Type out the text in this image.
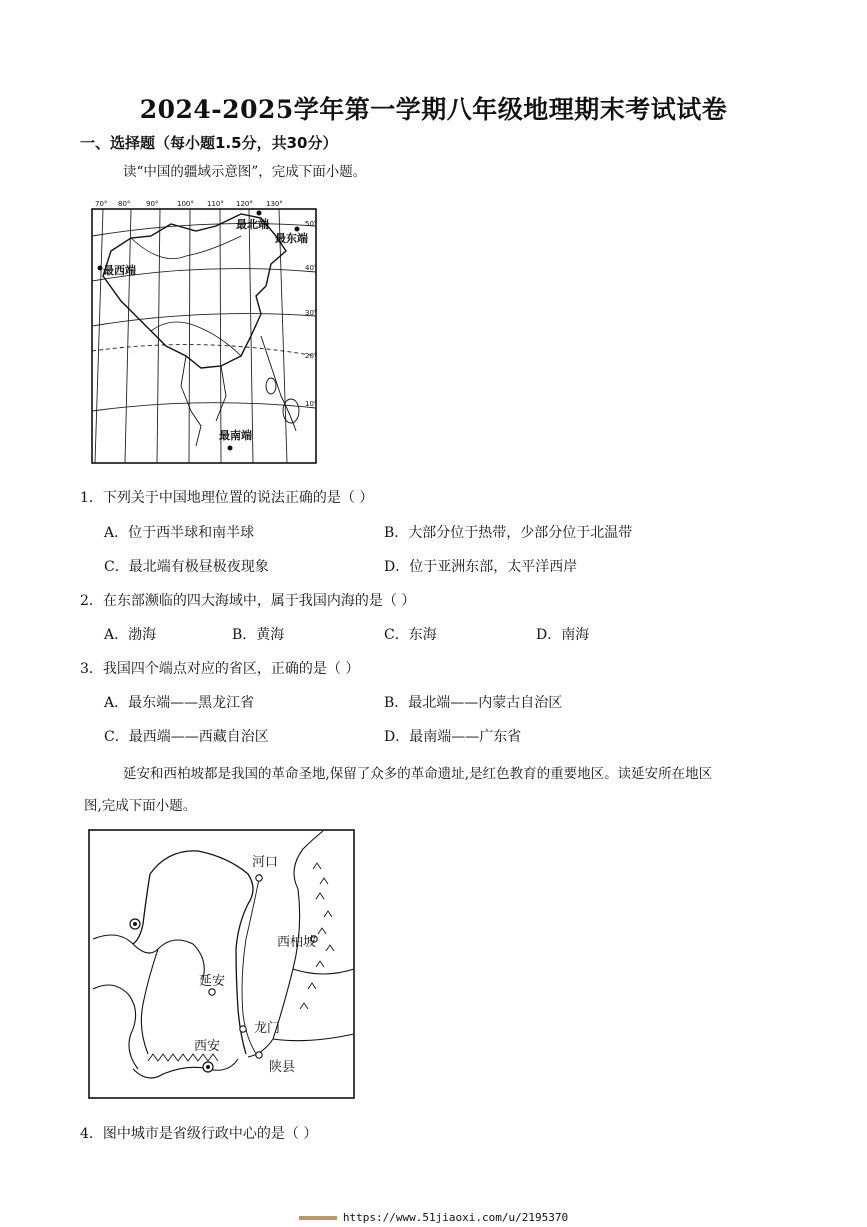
2024-2025学年第一学期八年级地理期末考试试卷
一、选择题（每小题1.5分，共30分）
读“中国的疆域示意图”，完成下面小题。
70° 80° 90°	100° 110° 120° 130°
50°
40°
30°
20°
10°
最北端
最东端
最西端
最南端
1．下列关于中国地理位置的说法正确的是（ ）
A．位于西半球和南半球	B．大部分位于热带，少部分位于北温带
C．最北端有极昼极夜现象	D．位于亚洲东部，太平洋西岸
2．在东部濒临的四大海域中，属于我国内海的是（ ）
A．渤海	B．黄海	C．东海	D．南海
3．我国四个端点对应的省区，正确的是（ ）
A．最东端——黑龙江省	B．最北端——内蒙古自治区
C．最西端——西藏自治区	D．最南端——广东省
延安和西柏坡都是我国的革命圣地,保留了众多的革命遗址,是红色教育的重要地区。读延安所在地区
图,完成下面小题。
河口
西柏坡
延安
龙门
西安
陕县
4．图中城市是省级行政中心的是（ ）
https://www.51jiaoxi.com/u/2195370
